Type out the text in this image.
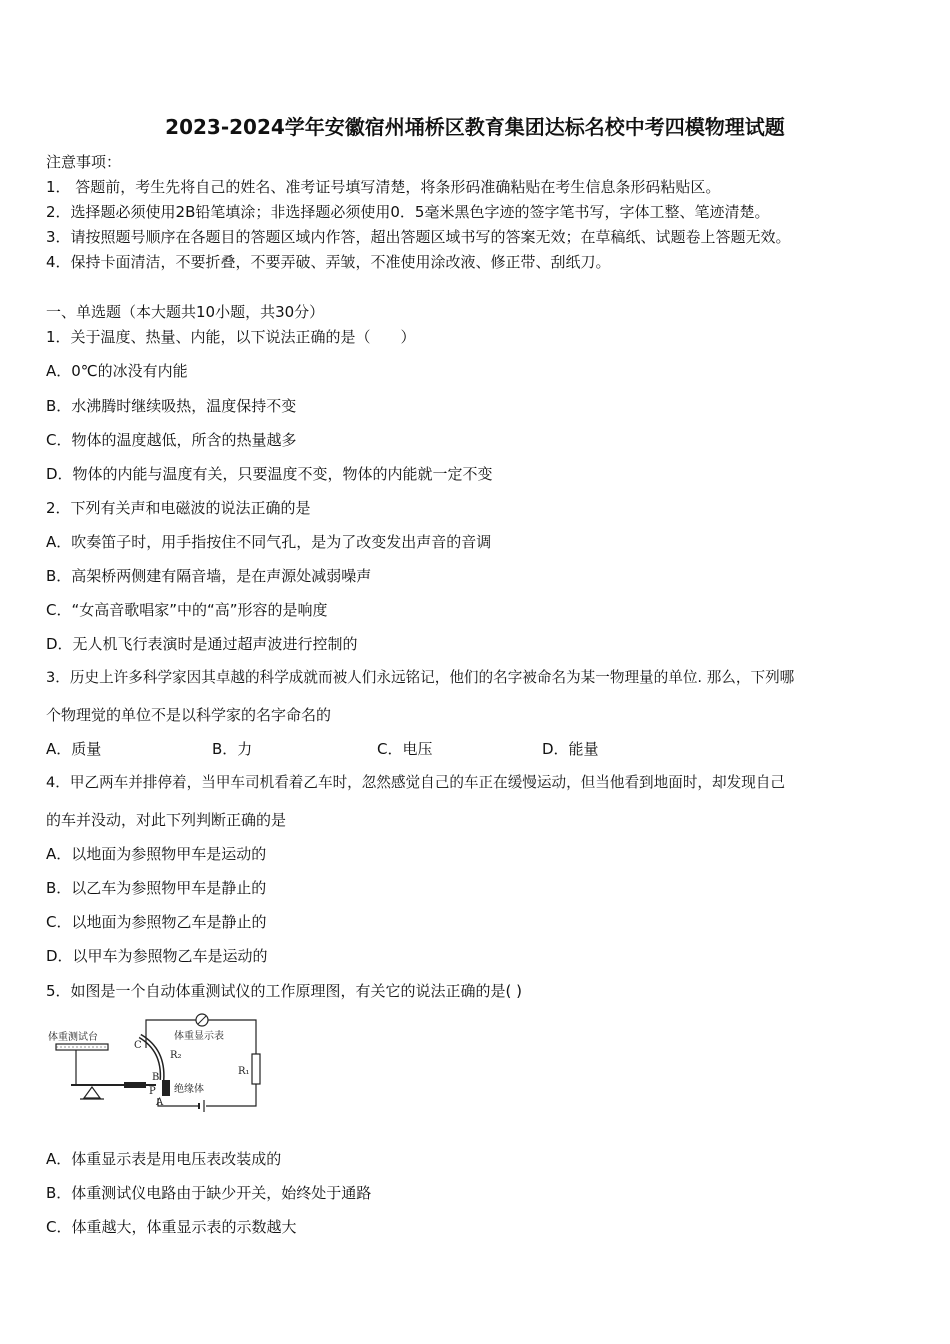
2023-2024学年安徽宿州埇桥区教育集团达标名校中考四模物理试题
注意事项：
1． 答题前，考生先将自己的姓名、准考证号填写清楚，将条形码准确粘贴在考生信息条形码粘贴区。
2．选择题必须使用2B铅笔填涂；非选择题必须使用0．5毫米黑色字迹的签字笔书写，字体工整、笔迹清楚。
3．请按照题号顺序在各题目的答题区域内作答，超出答题区域书写的答案无效；在草稿纸、试题卷上答题无效。
4．保持卡面清洁，不要折叠，不要弄破、弄皱，不准使用涂改液、修正带、刮纸刀。
一、单选题（本大题共10小题，共30分）
1．关于温度、热量、内能，以下说法正确的是（　　）
A．0℃的冰没有内能
B．水沸腾时继续吸热，温度保持不变
C．物体的温度越低，所含的热量越多
D．物体的内能与温度有关，只要温度不变，物体的内能就一定不变
2．下列有关声和电磁波的说法正确的是
A．吹奏笛子时，用手指按住不同气孔，是为了改变发出声音的音调
B．高架桥两侧建有隔音墙，是在声源处减弱噪声
C．“女高音歌唱家”中的“高”形容的是响度
D．无人机飞行表演时是通过超声波进行控制的
3．历史上许多科学家因其卓越的科学成就而被人们永远铭记，他们的名字被命名为某一物理量的单位. 那么，下列哪
个物理觉的单位不是以科学家的名字命名的
A．质量	B．力	C．电压	D．能量
4．甲乙两车并排停着，当甲车司机看着乙车时，忽然感觉自己的车正在缓慢运动，但当他看到地面时，却发现自己
的车并没动，对此下列判断正确的是
A．以地面为参照物甲车是运动的
B．以乙车为参照物甲车是静止的
C．以地面为参照物乙车是静止的
D．以甲车为参照物乙车是运动的
5．如图是一个自动体重测试仪的工作原理图，有关它的说法正确的是( )
体重测试台
C
R₂
B
P
A
绝缘体
体重显示表
R₁
A．体重显示表是用电压表改装成的
B．体重测试仪电路由于缺少开关，始终处于通路
C．体重越大，体重显示表的示数越大
